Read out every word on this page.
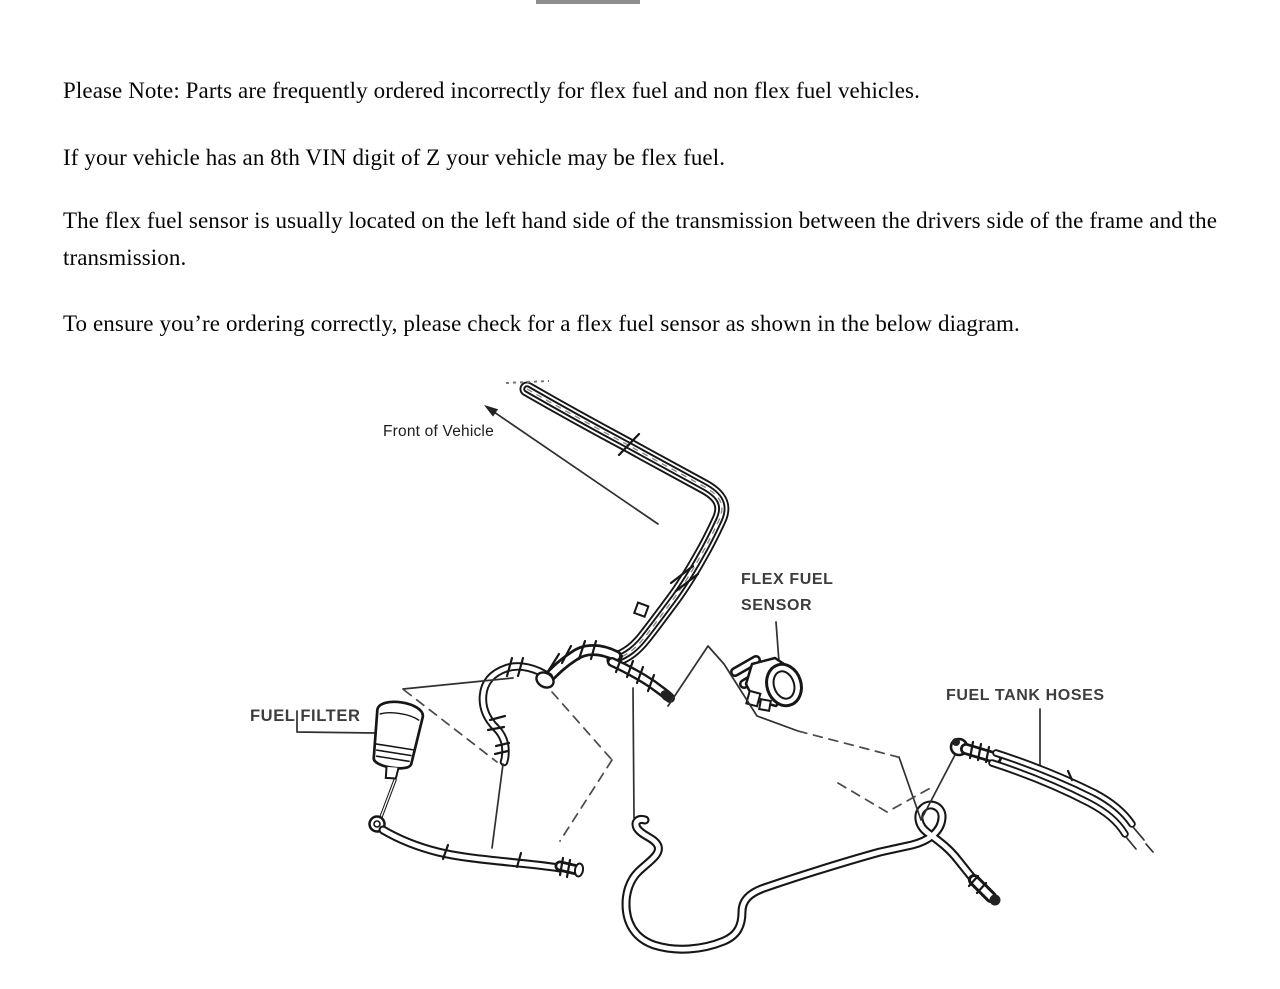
Please Note: Parts are frequently ordered incorrectly for flex fuel and non flex fuel vehicles.
If your vehicle has an 8th VIN digit of Z your vehicle may be flex fuel.
The flex fuel sensor is usually located on the left hand side of the transmission between the drivers side of the frame and the transmission.
To ensure you’re ordering correctly, please check for a flex fuel sensor as shown in the below diagram.
Front of Vehicle
FLEX FUEL
SENSOR
FUEL TANK HOSES
FUEL FILTER
